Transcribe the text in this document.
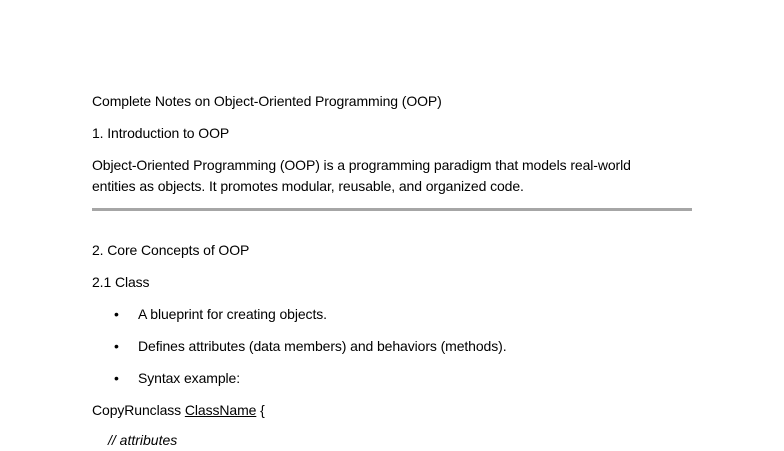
Complete Notes on Object-Oriented Programming (OOP)
1. Introduction to OOP
Object-Oriented Programming (OOP) is a programming paradigm that models real-world entities as objects. It promotes modular, reusable, and organized code.
2. Core Concepts of OOP
2.1 Class
• A blueprint for creating objects.
• Defines attributes (data members) and behaviors (methods).
• Syntax example:
CopyRunclass ClassName {
// attributes
